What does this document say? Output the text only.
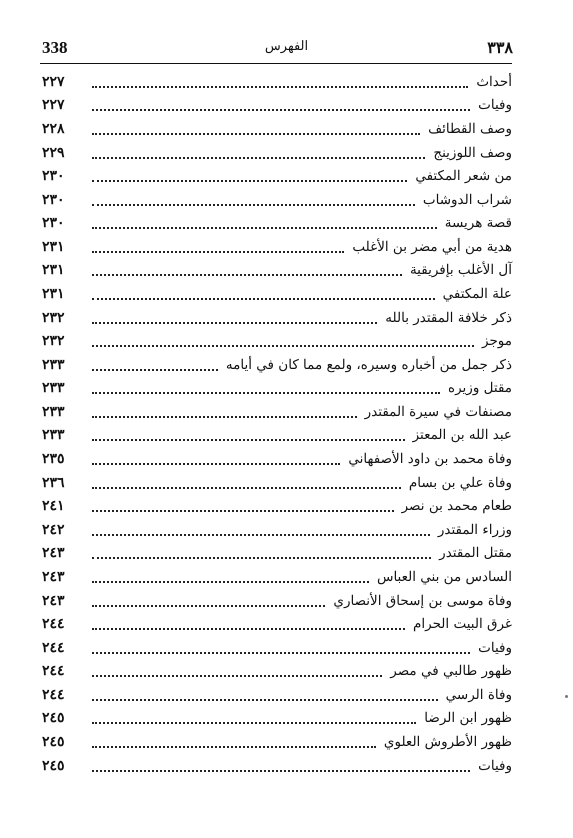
338	الفهرس	٣٣٨
أحداث
٢٢٧
وفيات
٢٢٧
وصف القطائف
٢٢٨
وصف اللوزينج
٢٢٩
من شعر المكتفي
٢٣٠
شراب الدوشاب
٢٣٠
قصة هريسة
٢٣٠
هدية من أبي مضر بن الأغلب
٢٣١
آل الأغلب بإفريقية
٢٣١
علة المكتفي
٢٣١
ذكر خلافة المقتدر بالله
٢٣٢
موجز
٢٣٢
ذكر جمل من أخباره وسيره، ولمع مما كان في أيامه
٢٣٣
مقتل وزيره
٢٣٣
مصنفات في سيرة المقتدر
٢٣٣
عبد الله بن المعتز
٢٣٣
وفاة محمد بن داود الأصفهاني
٢٣٥
وفاة علي بن بسام
٢٣٦
طعام محمد بن نصر
٢٤١
وزراء المقتدر
٢٤٢
مقتل المقتدر
٢٤٣
السادس من بني العباس
٢٤٣
وفاة موسى بن إسحاق الأنصاري
٢٤٣
غرق البيت الحرام
٢٤٤
وفيات
٢٤٤
ظهور طالبي في مصر
٢٤٤
وفاة الرسي
٢٤٤
ظهور ابن الرضا
٢٤٥
ظهور الأطروش العلوي
٢٤٥
وفيات
٢٤٥
